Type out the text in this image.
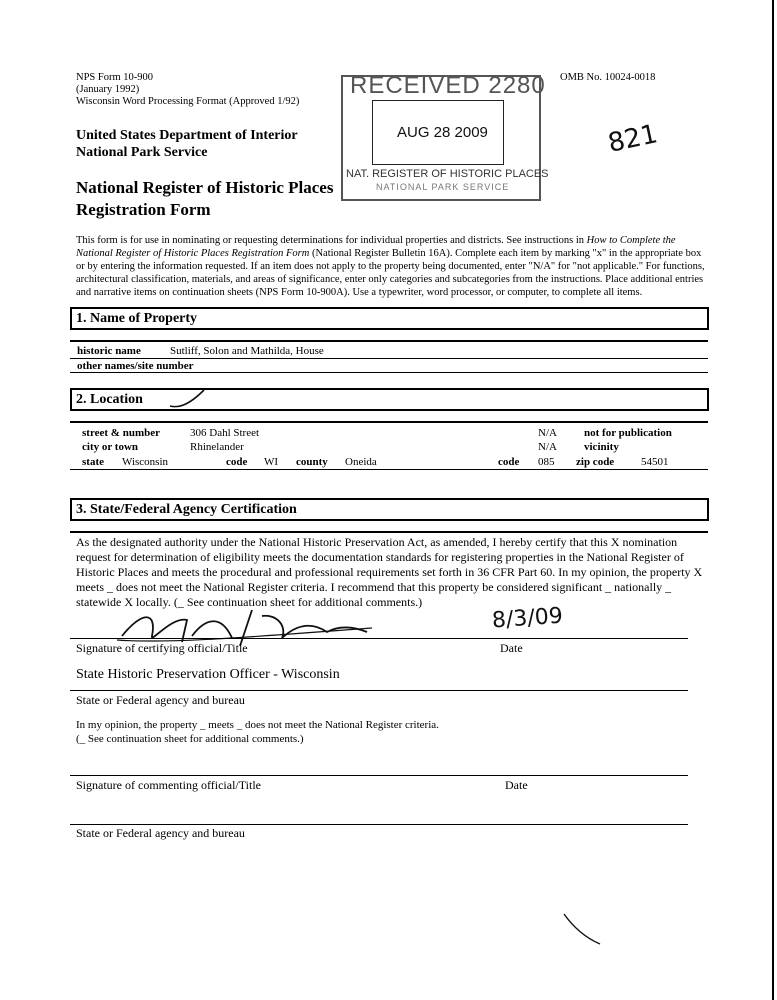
NPS Form 10-900
(January 1992)
Wisconsin Word Processing Format (Approved 1/92)
OMB No. 10024-0018
United States Department of Interior
National Park Service
National Register of Historic Places
Registration Form
821
RECEIVED 2280
AUG 28 2009
NAT. REGISTER OF HISTORIC PLACES
NATIONAL PARK SERVICE
This form is for use in nominating or requesting determinations for individual properties and districts. See instructions in How to Complete the National Register of Historic Places Registration Form (National Register Bulletin 16A). Complete each item by marking "x" in the appropriate box or by entering the information requested. If an item does not apply to the property being documented, enter "N/A" for "not applicable." For functions, architectural classification, materials, and areas of significance, enter only categories and subcategories from the instructions. Place additional entries and narrative items on continuation sheets (NPS Form 10-900A). Use a typewriter, word processor, or computer, to complete all items.
1. Name of Property
historic name	Sutliff, Solon and Mathilda, House
other names/site number
2. Location
street & number	306 Dahl Street	N/A not for publication
city or town	Rhinelander	N/A vicinity
state Wisconsin	code WI county Oneida	code 085 zip code 54501
3. State/Federal Agency Certification
As the designated authority under the National Historic Preservation Act, as amended, I hereby certify that this X nomination request for determination of eligibility meets the documentation standards for registering properties in the National Register of Historic Places and meets the procedural and professional requirements set forth in 36 CFR Part 60. In my opinion, the property X meets _ does not meet the National Register criteria. I recommend that this property be considered significant _ nationally _ statewide X locally. (_ See continuation sheet for additional comments.)
8/3/09
Signature of certifying official/Title	Date
State Historic Preservation Officer - Wisconsin
State or Federal agency and bureau
In my opinion, the property _ meets _ does not meet the National Register criteria.
(_ See continuation sheet for additional comments.)
Signature of commenting official/Title	Date
State or Federal agency and bureau
